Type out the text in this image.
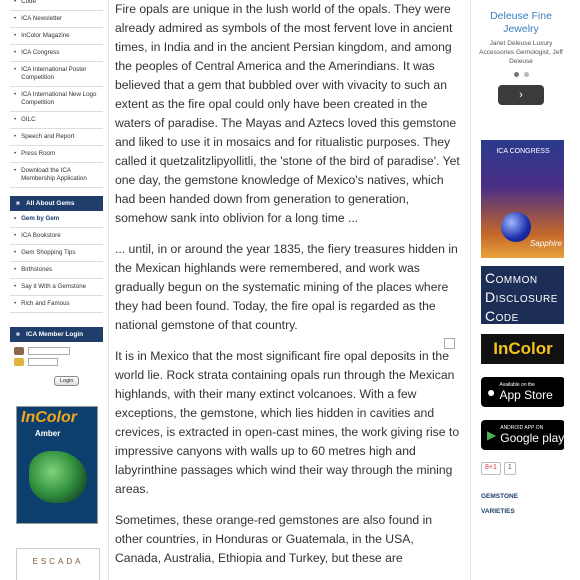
• Code
• ICA Newsletter
• InColor Magazine
• ICA Congress
• ICA International Poster Competition
• ICA International New Logo Competition
• GILC
• Speech and Report
• Press Room
• Download the ICA Membership Application
■ All About Gems
• Gem by Gem
• ICA Bookstore
• Gem Shopping Tips
• Birthstones
• Say it With a Gemstone
• Rich and Famous
■ ICA Member Login
Login
InColor
Amber
ESCADA

Fire opals are unique in the lush world of the opals. They were already admired as symbols of the most fervent love in ancient times, in India and in the ancient Persian kingdom, and among the peoples of Central America and the Amerindians. It was believed that a gem that bubbled over with vivacity to such an extent as the fire opal could only have been created in the waters of paradise. The Mayas and Aztecs loved this gemstone and liked to use it in mosaics and for ritualistic purposes. They called it quetzalitzlipyollitli, the 'stone of the bird of paradise'. Yet one day, the gemstone knowledge of Mexico's natives, which had been handed down from generation to generation, somehow sank into oblivion for a long time ...

... until, in or around the year 1835, the fiery treasures hidden in the Mexican highlands were remembered, and work was gradually begun on the systematic mining of the places where they had been found. Today, the fire opal is regarded as the national gemstone of that country.

It is in Mexico that the most significant fire opal deposits in the world lie. Rock strata containing opals run through the Mexican highlands, with their many extinct volcanoes. With a few exceptions, the gemstone, which lies hidden in cavities and crevices, is extracted in open-cast mines, the work giving rise to impressive canyons with walls up to 60 metres high and labyrinthine passages which wind their way through the mining areas.

Sometimes, these orange-red gemstones are also found in other countries, in Honduras or Guatemala, in the USA, Canada, Australia, Ethiopia and Turkey, but these are

Deleuse Fine Jewelry
Janet Deleuse Luxury Accessories Gemologist, Jeff Deleuse
›
ICA CONGRESS
Sapphire
COMMON
DISCLOSURE
CODE
InColor
● Available on the
App Store
▶ ANDROID APP ON
Google play
8+1	1
GEMSTONE
VARIETIES
